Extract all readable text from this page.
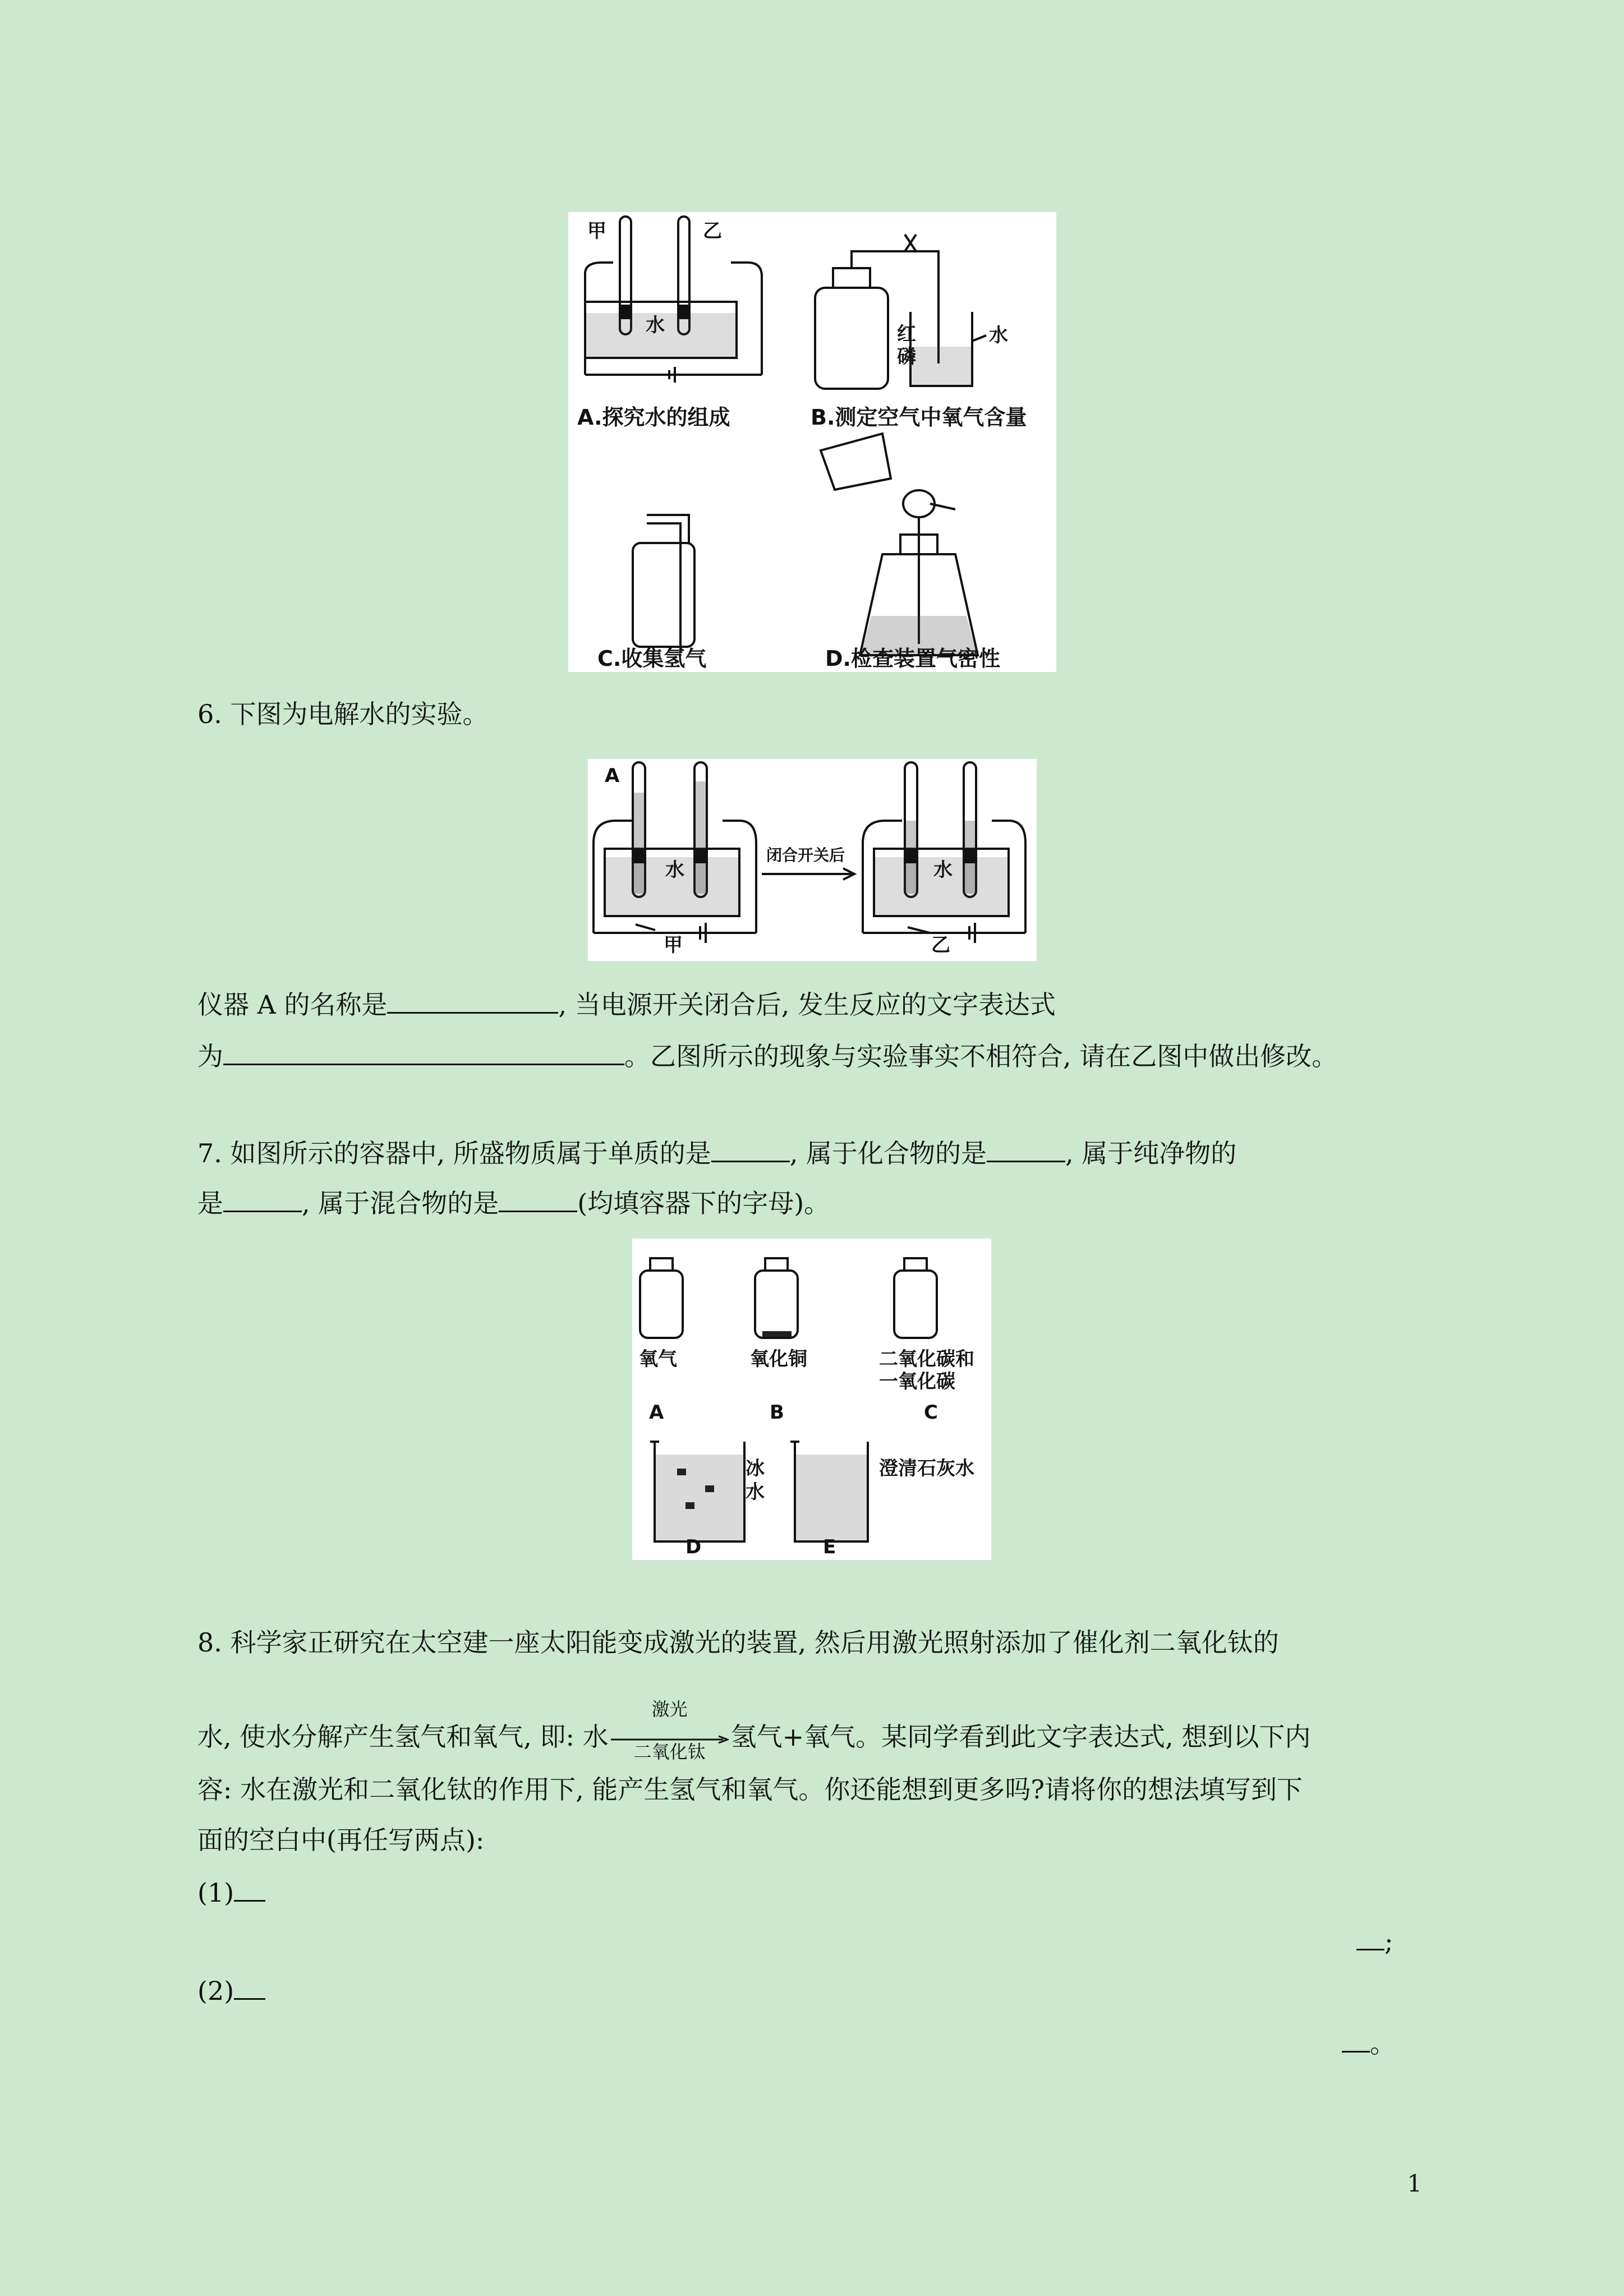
甲	乙
水	红
磷
水
A.探究水的组成	B.测定空气中氧气含量
C.收集氢气	D.检查装置气密性
6. 下图为电解水的实验。
A
水	水
闭合开关后
甲	乙
仪器 A 的名称是	, 当电源开关闭合后, 发生反应的文字表达式
为	。乙图所示的现象与实验事实不相符合, 请在乙图中做出修改。
7. 如图所示的容器中, 所盛物质属于单质的是	, 属于化合物的是	, 属于纯净物的
是	, 属于混合物的是	(均填容器下的字母)。
氧气	氧化铜	二氧化碳和
一氧化碳
A	B	C
冰
水
澄清石灰水
D	E
8. 科学家正研究在太空建一座太阳能变成激光的装置, 然后用激光照射添加了催化剂二氧化钛的
水, 使水分解产生氢气和氧气, 即: 水
激光
二氧化钛 氢气+氧气。某同学看到此文字表达式, 想到以下内
容: 水在激光和二氧化钛的作用下, 能产生氢气和氧气。你还能想到更多吗?请将你的想法填写到下
面的空白中(再任写两点):
(1)
;
(2)
。
1
